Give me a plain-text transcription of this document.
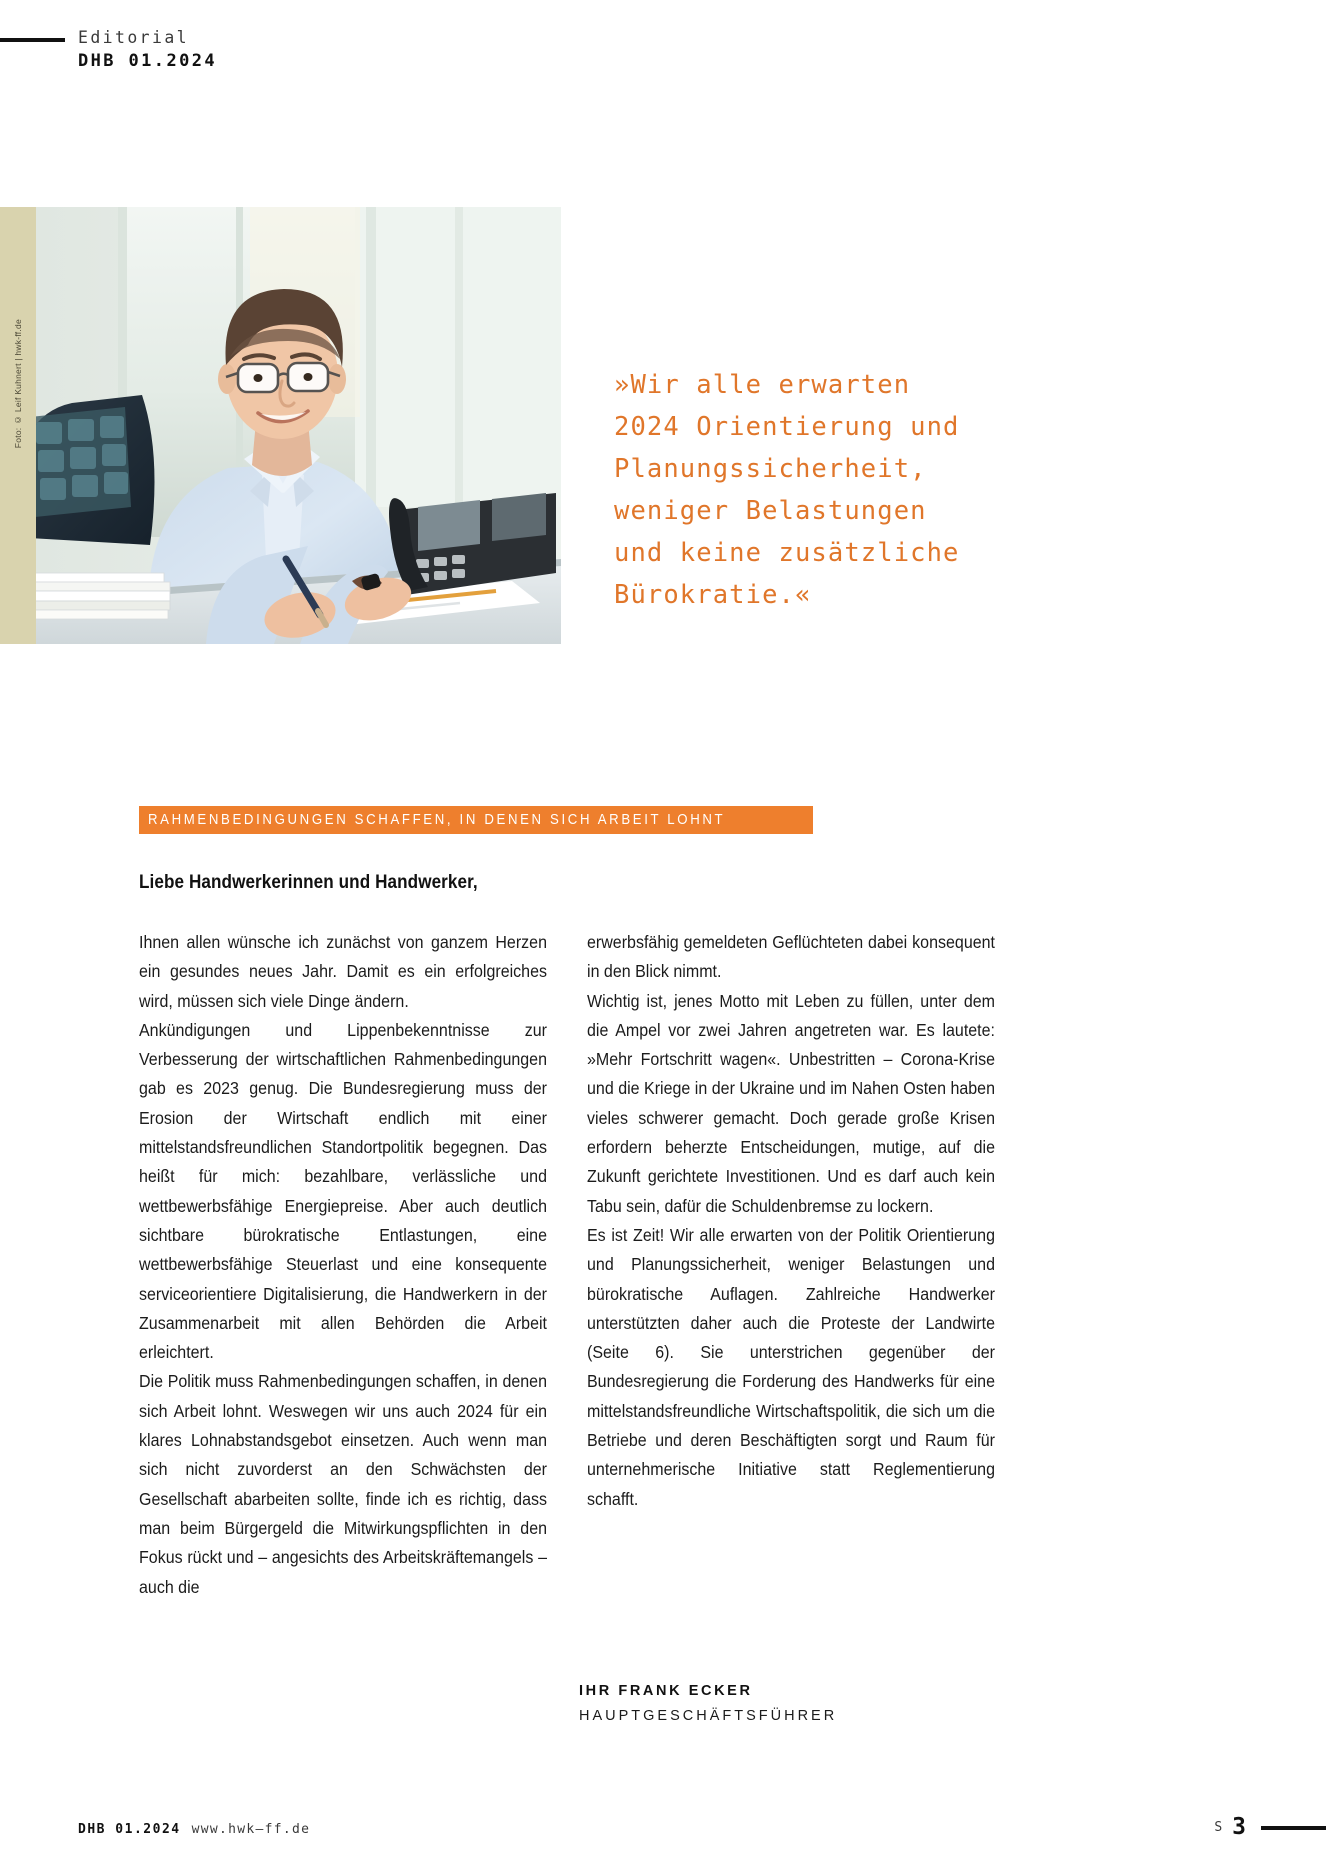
Editorial
DHB 01.2024
Foto: © Leif Kuhnert | hwk-ff.de	»Wir alle erwarten
2024 Orientierung und
Planungssicherheit,
weniger Belastungen
und keine zusätzliche
Bürokratie.«
RAHMENBEDINGUNGEN SCHAFFEN, IN DENEN SICH ARBEIT LOHNT
Liebe Handwerkerinnen und Handwerker,

Ihnen allen wünsche ich zunächst von ganzem Herzen ein gesundes neues Jahr. Damit es ein erfolgreiches wird, müssen sich viele Dinge ändern.

Ankündigungen und Lippenbekenntnisse zur Verbesserung der wirtschaftlichen Rahmenbedingungen gab es 2023 genug. Die Bundesregierung muss der Erosion der Wirtschaft endlich mit einer mittelstandsfreundlichen Standortpolitik begegnen. Das heißt für mich: bezahlbare, verlässliche und wettbewerbsfähige Energiepreise. Aber auch deutlich sichtbare bürokratische Entlastungen, eine wettbewerbsfähige Steuerlast und eine konsequente serviceorientiere Digitalisierung, die Handwerkern in der Zusammenarbeit mit allen Behörden die Arbeit erleichtert.

Die Politik muss Rahmenbedingungen schaffen, in denen sich Arbeit lohnt. Weswegen wir uns auch 2024 für ein klares Lohnabstandsgebot einsetzen. Auch wenn man sich nicht zuvorderst an den Schwächsten der Gesellschaft abarbeiten sollte, finde ich es richtig, dass man beim Bürgergeld die Mitwirkungspflichten in den Fokus rückt und – angesichts des Arbeitskräftemangels – auch die

erwerbsfähig gemeldeten Geflüchteten dabei konsequent in den Blick nimmt.

Wichtig ist, jenes Motto mit Leben zu füllen, unter dem die Ampel vor zwei Jahren angetreten war. Es lautete: »Mehr Fortschritt wagen«. Unbestritten – Corona-Krise und die Kriege in der Ukraine und im Nahen Osten haben vieles schwerer gemacht. Doch gerade große Krisen erfordern beherzte Entscheidungen, mutige, auf die Zukunft gerichtete Investitionen. Und es darf auch kein Tabu sein, dafür die Schuldenbremse zu lockern.

Es ist Zeit! Wir alle erwarten von der Politik Orientierung und Planungssicherheit, weniger Belastungen und bürokratische Auflagen. Zahlreiche Handwerker unterstützten daher auch die Proteste der Landwirte (Seite 6). Sie unterstrichen gegenüber der Bundesregierung die Forderung des Handwerks für eine mittelstandsfreundliche Wirtschaftspolitik, die sich um die Betriebe und deren Beschäftigten sorgt und Raum für unternehmerische Initiative statt Reglementierung schafft.

IHR FRANK ECKER
HAUPTGESCHÄFTSFÜHRER
DHB 01.2024 www.hwk–ff.de	S 3
